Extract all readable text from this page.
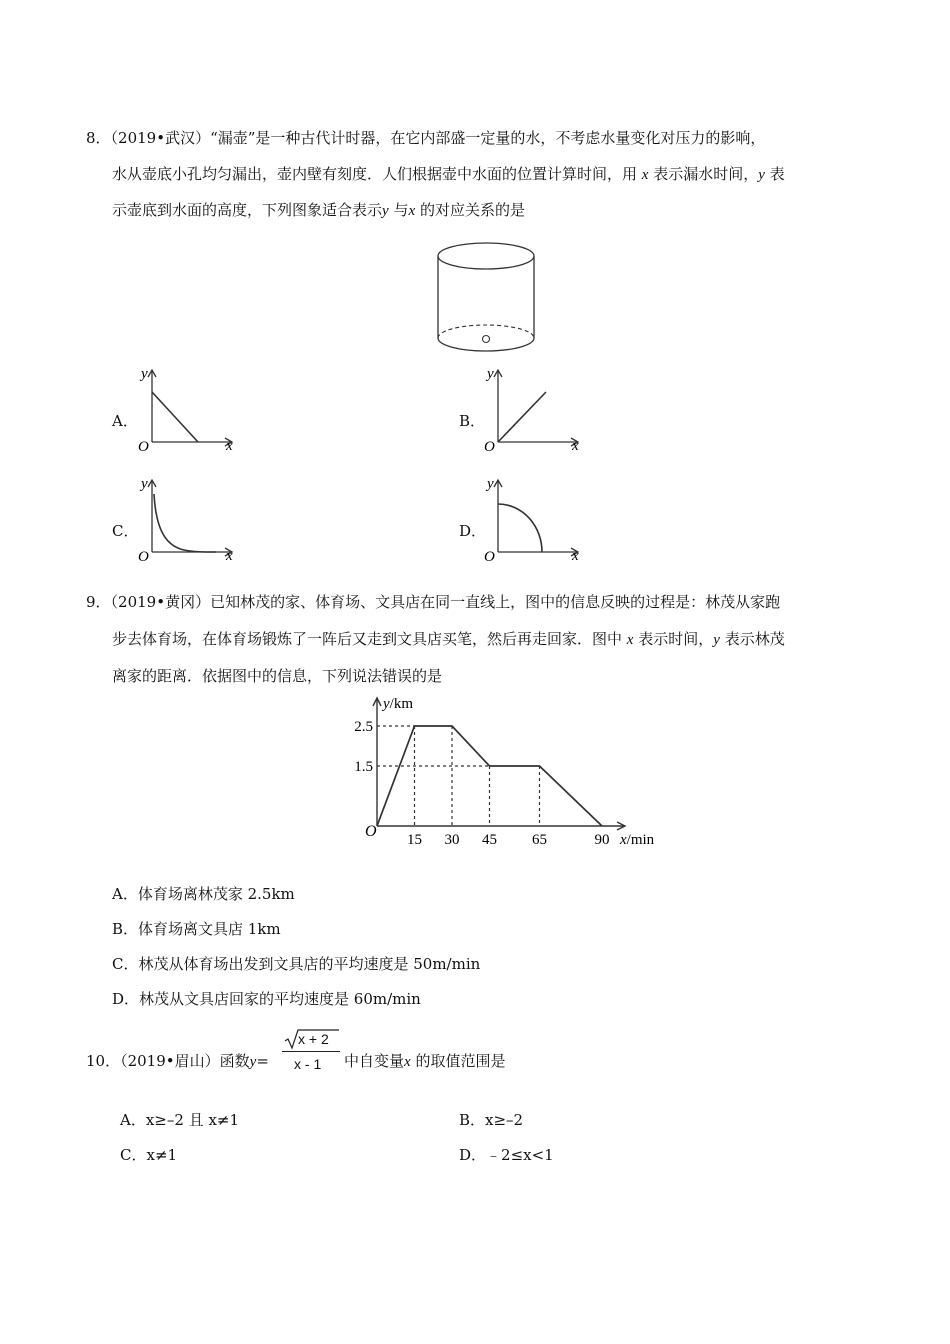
8．（2019•武汉）“漏壶”是一种古代计时器，在它内部盛一定量的水，不考虑水量变化对压力的影响，
水从壶底小孔均匀漏出，壶内壁有刻度．人们根据壶中水面的位置计算时间，用 x 表示漏水时间，y 表
示壶底到水面的高度，下列图象适合表示y 与x 的对应关系的是
A．
y
x
O
B．
y
x
O
C．
y
x
O
D．
y
x
O
9．（2019•黄冈）已知林茂的家、体育场、文具店在同一直线上，图中的信息反映的过程是：林茂从家跑
步去体育场，在体育场锻炼了一阵后又走到文具店买笔，然后再走回家．图中 x 表示时间，y 表示林茂
离家的距离．依据图中的信息，下列说法错误的是
15 30 45 65	90
2.5
1.5
O
y/km
x/min
A．体育场离林茂家 2.5km
B．体育场离文具店 1km
C．林茂从体育场出发到文具店的平均速度是 50m/min
D．林茂从文具店回家的平均速度是 60m/min
10．（2019•眉山）函数y=
x + 2
x - 1 中自变量x 的取值范围是
A．x≥–2 且 x≠1	B．x≥–2
C．x≠1	D．﹣2≤x<1
